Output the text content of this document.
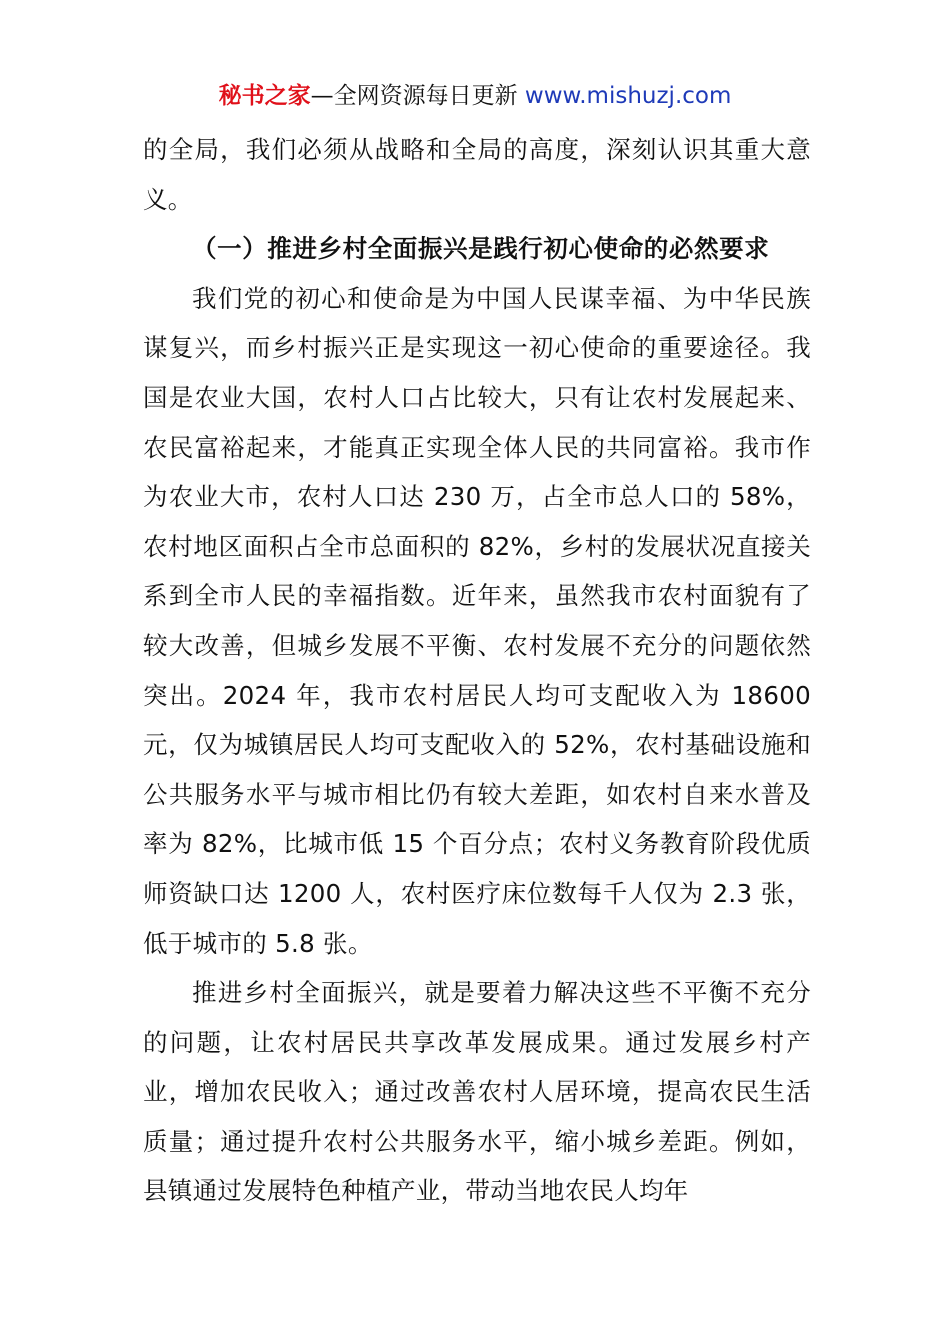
秘书之家—全网资源每日更新 www.mishuzj.com

的全局，我们必须从战略和全局的高度，深刻认识其重大意义。

（一）推进乡村全面振兴是践行初心使命的必然要求

我们党的初心和使命是为中国人民谋幸福、为中华民族谋复兴，而乡村振兴正是实现这一初心使命的重要途径。我国是农业大国，农村人口占比较大，只有让农村发展起来、农民富裕起来，才能真正实现全体人民的共同富裕。我市作为农业大市，农村人口达 230 万，占全市总人口的 58%，农村地区面积占全市总面积的 82%，乡村的发展状况直接关系到全市人民的幸福指数。近年来，虽然我市农村面貌有了较大改善，但城乡发展不平衡、农村发展不充分的问题依然突出。2024 年，我市农村居民人均可支配收入为 18600 元，仅为城镇居民人均可支配收入的 52%，农村基础设施和公共服务水平与城市相比仍有较大差距，如农村自来水普及率为 82%，比城市低 15 个百分点；农村义务教育阶段优质师资缺口达 1200 人，农村医疗床位数每千人仅为 2.3 张，低于城市的 5.8 张。

推进乡村全面振兴，就是要着力解决这些不平衡不充分的问题，让农村居民共享改革发展成果。通过发展乡村产业，增加农民收入；通过改善农村人居环境，提高农民生活质量；通过提升农村公共服务水平，缩小城乡差距。例如，县镇通过发展特色种植产业，带动当地农民人均年
